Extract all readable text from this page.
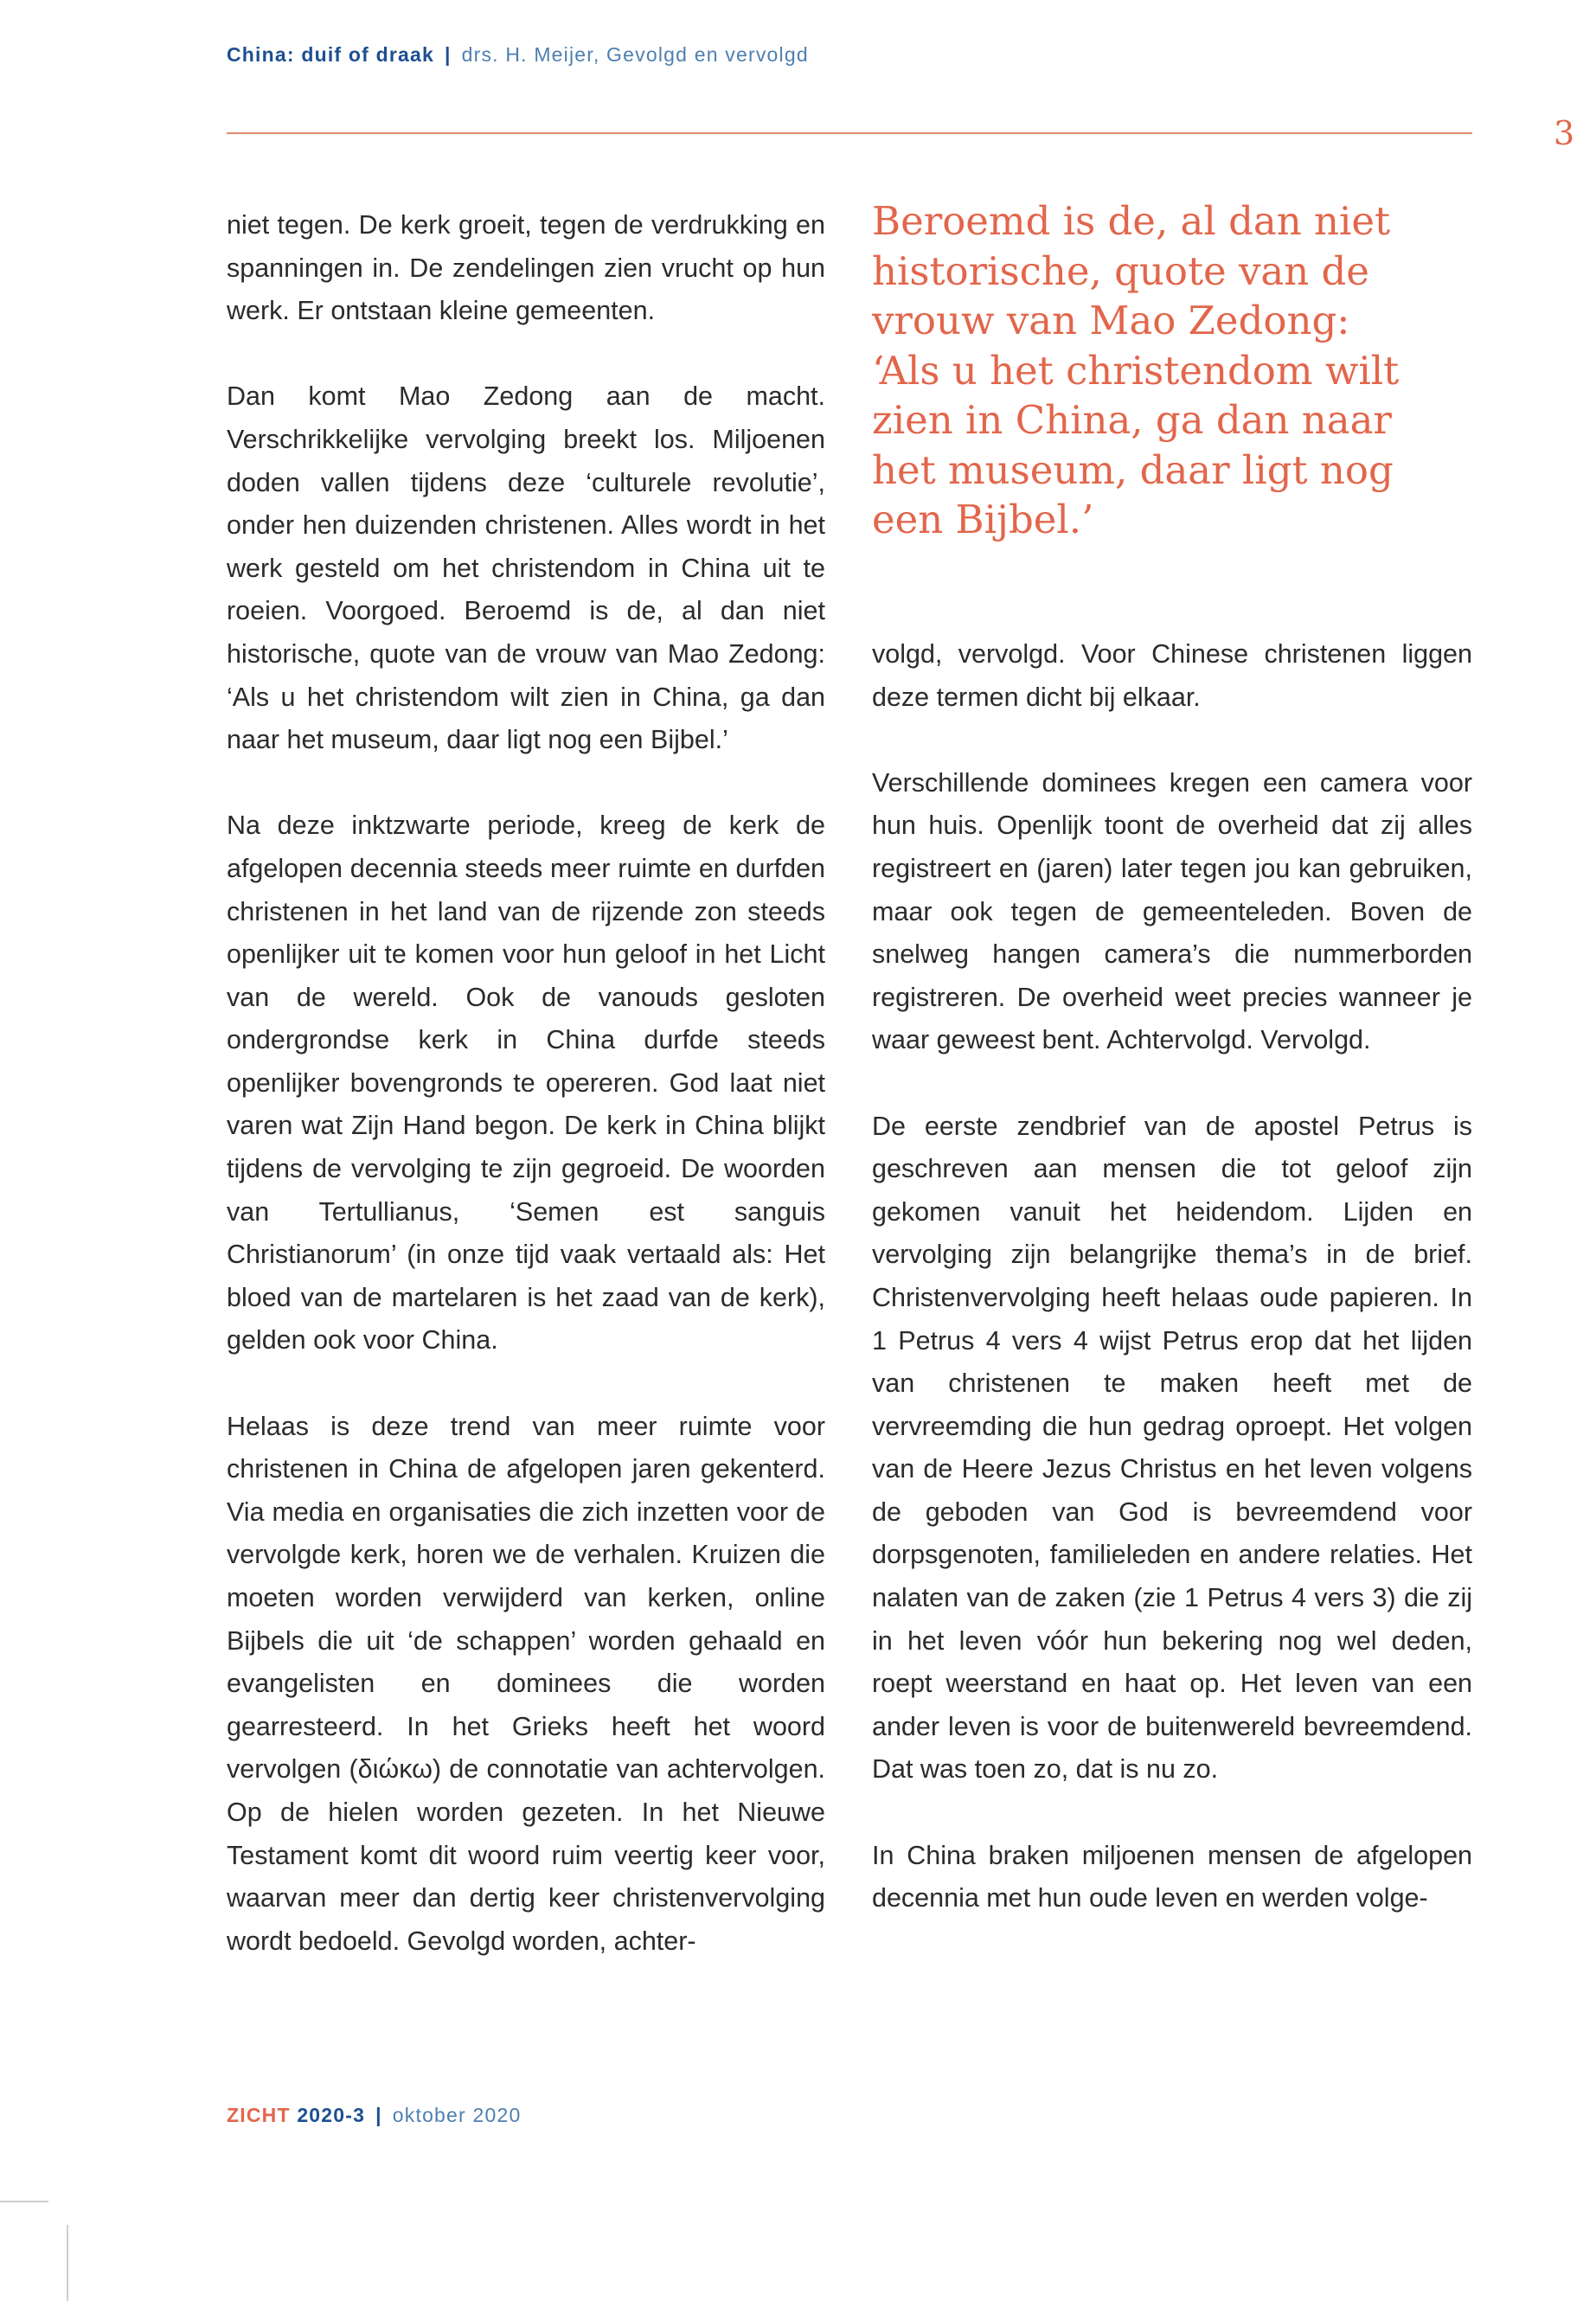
China: duif of draak | drs. H. Meijer, Gevolgd en vervolgd
3

niet tegen. De kerk groeit, tegen de verdrukking en spanningen in. De zendelingen zien vrucht op hun werk. Er ontstaan kleine gemeenten.

Dan komt Mao Zedong aan de macht. Verschrikkelijke vervolging breekt los. Miljoenen doden vallen tijdens deze ‘culturele revolutie’, onder hen duizenden christenen. Alles wordt in het werk gesteld om het christendom in China uit te roeien. Voorgoed. Beroemd is de, al dan niet historische, quote van de vrouw van Mao Zedong: ‘Als u het christendom wilt zien in China, ga dan naar het museum, daar ligt nog een Bijbel.’

Na deze inktzwarte periode, kreeg de kerk de afgelopen decennia steeds meer ruimte en durfden christenen in het land van de rijzende zon steeds openlijker uit te komen voor hun geloof in het Licht van de wereld. Ook de vanouds gesloten ondergrondse kerk in China durfde steeds openlijker bovengronds te opereren. God laat niet varen wat Zijn Hand begon. De kerk in China blijkt tijdens de vervolging te zijn gegroeid. De woorden van Tertullianus, ‘Semen est sanguis Christianorum’ (in onze tijd vaak vertaald als: Het bloed van de martelaren is het zaad van de kerk), gelden ook voor China.

Helaas is deze trend van meer ruimte voor christenen in China de afgelopen jaren gekenterd. Via media en organisaties die zich inzetten voor de vervolgde kerk, horen we de verhalen. Kruizen die moeten worden verwijderd van kerken, online Bijbels die uit ‘de schappen’ worden gehaald en evangelisten en dominees die worden gearresteerd. In het Grieks heeft het woord vervolgen (διώκω) de connotatie van achtervolgen. Op de hielen worden gezeten. In het Nieuwe Testament komt dit woord ruim veertig keer voor, waarvan meer dan dertig keer christenvervolging wordt bedoeld. Gevolgd worden, achter-

Beroemd is de, al dan niet
historische, quote van de
vrouw van Mao Zedong:
‘Als u het christendom wilt
zien in China, ga dan naar
het museum, daar ligt nog
een Bijbel.’

volgd, vervolgd. Voor Chinese christenen liggen deze termen dicht bij elkaar.

Verschillende dominees kregen een camera voor hun huis. Openlijk toont de overheid dat zij alles registreert en (jaren) later tegen jou kan gebruiken, maar ook tegen de gemeenteleden. Boven de snelweg hangen camera’s die nummerborden registreren. De overheid weet precies wanneer je waar geweest bent. Achtervolgd. Vervolgd.

De eerste zendbrief van de apostel Petrus is geschreven aan mensen die tot geloof zijn gekomen vanuit het heidendom. Lijden en vervolging zijn belangrijke thema’s in de brief. Christenvervolging heeft helaas oude papieren. In 1 Petrus 4 vers 4 wijst Petrus erop dat het lijden van christenen te maken heeft met de vervreemding die hun gedrag oproept. Het volgen van de Heere Jezus Christus en het leven volgens de geboden van God is bevreemdend voor dorpsgenoten, familieleden en andere relaties. Het nalaten van de zaken (zie 1 Petrus 4 vers 3) die zij in het leven vóór hun bekering nog wel deden, roept weerstand en haat op. Het leven van een ander leven is voor de buitenwereld bevreemdend. Dat was toen zo, dat is nu zo.

In China braken miljoenen mensen de afgelopen decennia met hun oude leven en werden volge-

ZICHT 2020-3 | oktober 2020
